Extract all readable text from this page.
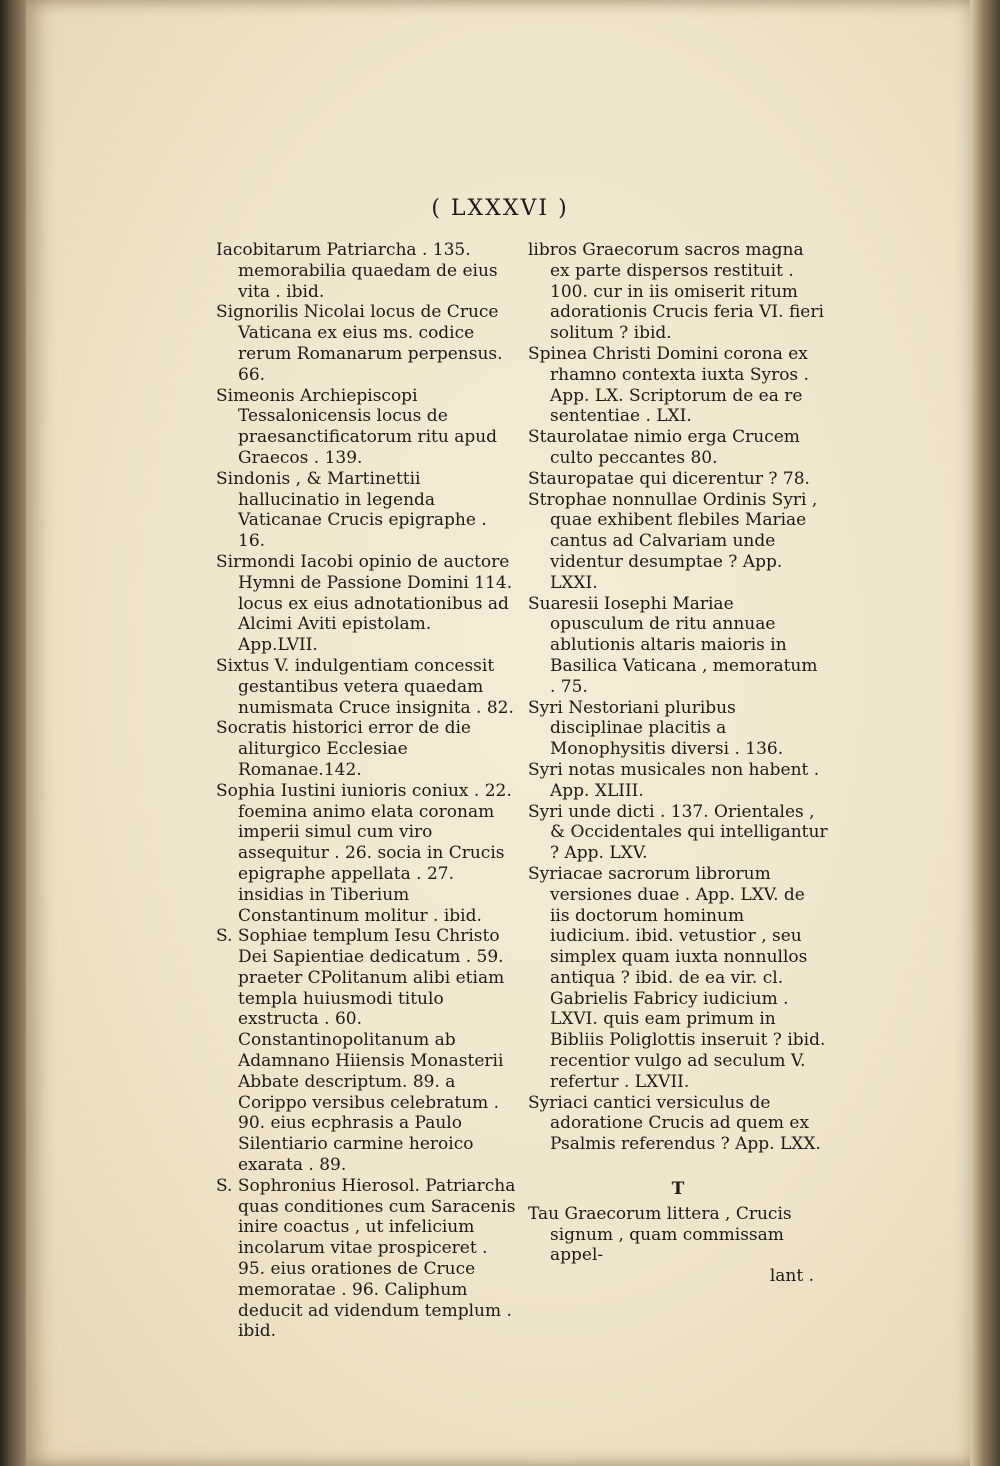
( LXXXVI )

Iacobitarum Patriarcha . 135. memorabilia quaedam de eius vita . ibid.

Signorilis Nicolai locus de Cruce Vaticana ex eius ms. codice rerum Romanarum perpensus. 66.

Simeonis Archiepiscopi Tessalonicensis locus de praesanctificatorum ritu apud Graecos . 139.

Sindonis , & Martinettii hallucinatio in legenda Vaticanae Crucis epigraphe . 16.

Sirmondi Iacobi opinio de auctore Hymni de Passione Domini 114. locus ex eius adnotationibus ad Alcimi Aviti epistolam. App.LVII.

Sixtus V. indulgentiam concessit gestantibus vetera quaedam numismata Cruce insignita . 82.

Socratis historici error de die aliturgico Ecclesiae Romanae.142.

Sophia Iustini iunioris coniux . 22. foemina animo elata coronam imperii simul cum viro assequitur . 26. socia in Crucis epigraphe appellata . 27. insidias in Tiberium Constantinum molitur . ibid.

S. Sophiae templum Iesu Christo Dei Sapientiae dedicatum . 59. praeter CPolitanum alibi etiam templa huiusmodi titulo exstructa . 60. Constantinopolitanum ab Adamnano Hiiensis Monasterii Abbate descriptum. 89. a Corippo versibus celebratum . 90. eius ecphrasis a Paulo Silentiario carmine heroico exarata . 89.

S. Sophronius Hierosol. Patriarcha quas conditiones cum Saracenis inire coactus , ut infelicium incolarum vitae prospiceret . 95. eius orationes de Cruce memoratae . 96. Caliphum deducit ad videndum templum . ibid.

libros Graecorum sacros magna ex parte dispersos restituit . 100. cur in iis omiserit ritum adorationis Crucis feria VI. fieri solitum ? ibid.

Spinea Christi Domini corona ex rhamno contexta iuxta Syros . App. LX. Scriptorum de ea re sententiae . LXI.

Staurolatae nimio erga Crucem culto peccantes 80.

Stauropatae qui dicerentur ? 78.

Strophae nonnullae Ordinis Syri , quae exhibent flebiles Mariae cantus ad Calvariam unde videntur desumptae ? App. LXXI.

Suaresii Iosephi Mariae opusculum de ritu annuae ablutionis altaris maioris in Basilica Vaticana , memoratum . 75.

Syri Nestoriani pluribus disciplinae placitis a Monophysitis diversi . 136.

Syri notas musicales non habent . App. XLIII.

Syri unde dicti . 137. Orientales , & Occidentales qui intelligantur ? App. LXV.

Syriacae sacrorum librorum versiones duae . App. LXV. de iis doctorum hominum iudicium. ibid. vetustior , seu simplex quam iuxta nonnullos antiqua ? ibid. de ea vir. cl. Gabrielis Fabricy iudicium . LXVI. quis eam primum in Bibliis Poliglottis inseruit ? ibid. recentior vulgo ad seculum V. refertur . LXVII.

Syriaci cantici versiculus de adoratione Crucis ad quem ex Psalmis referendus ? App. LXX.

T

Tau Graecorum littera , Crucis signum , quam commissam appel-

lant .
